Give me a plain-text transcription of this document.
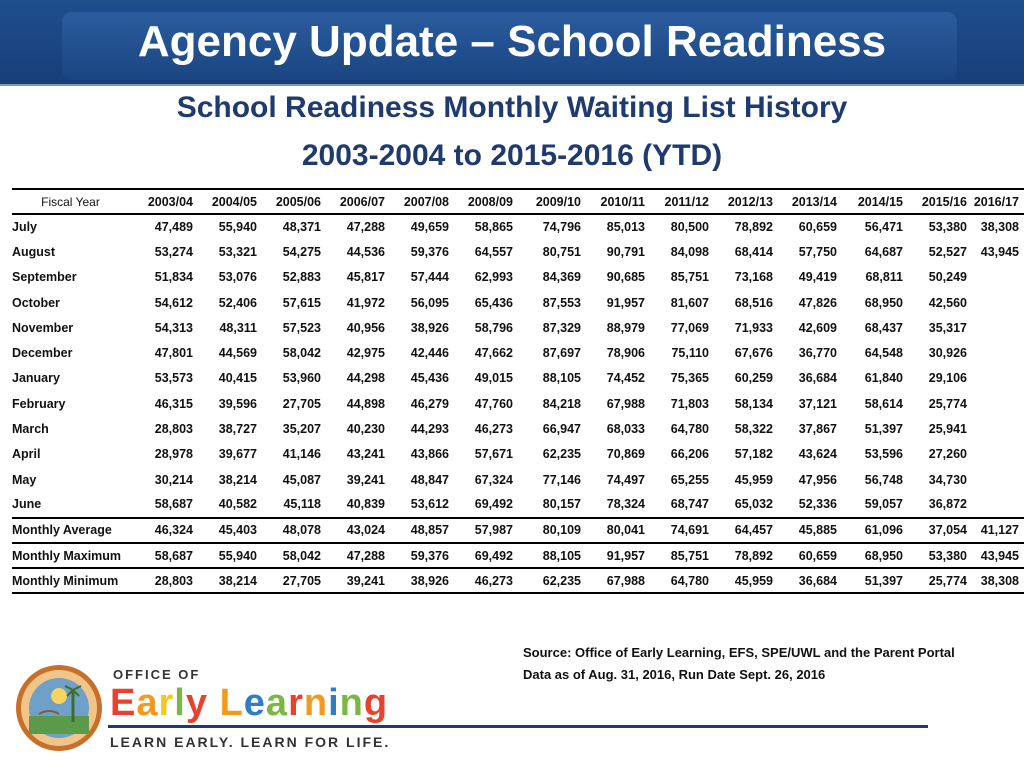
Agency Update – School Readiness
School Readiness Monthly Waiting List History
2003-2004 to 2015-2016 (YTD)
Fiscal Year	2003/04	2004/05	2005/06	2006/07	2007/08	2008/09	2009/10	2010/11	2011/12	2012/13	2013/14	2014/15	2015/16	2016/17
July	47,489	55,940	48,371	47,288	49,659	58,865	74,796	85,013	80,500	78,892	60,659	56,471	53,380	38,308
August	53,274	53,321	54,275	44,536	59,376	64,557	80,751	90,791	84,098	68,414	57,750	64,687	52,527	43,945
September	51,834	53,076	52,883	45,817	57,444	62,993	84,369	90,685	85,751	73,168	49,419	68,811	50,249	
October	54,612	52,406	57,615	41,972	56,095	65,436	87,553	91,957	81,607	68,516	47,826	68,950	42,560	
November	54,313	48,311	57,523	40,956	38,926	58,796	87,329	88,979	77,069	71,933	42,609	68,437	35,317	
December	47,801	44,569	58,042	42,975	42,446	47,662	87,697	78,906	75,110	67,676	36,770	64,548	30,926	
January	53,573	40,415	53,960	44,298	45,436	49,015	88,105	74,452	75,365	60,259	36,684	61,840	29,106	
February	46,315	39,596	27,705	44,898	46,279	47,760	84,218	67,988	71,803	58,134	37,121	58,614	25,774	
March	28,803	38,727	35,207	40,230	44,293	46,273	66,947	68,033	64,780	58,322	37,867	51,397	25,941	
April	28,978	39,677	41,146	43,241	43,866	57,671	62,235	70,869	66,206	57,182	43,624	53,596	27,260	
May	30,214	38,214	45,087	39,241	48,847	67,324	77,146	74,497	65,255	45,959	47,956	56,748	34,730	
June	58,687	40,582	45,118	40,839	53,612	69,492	80,157	78,324	68,747	65,032	52,336	59,057	36,872	
Monthly Average	46,324	45,403	48,078	43,024	48,857	57,987	80,109	80,041	74,691	64,457	45,885	61,096	37,054	41,127
Monthly Maximum	58,687	55,940	58,042	47,288	59,376	69,492	88,105	91,957	85,751	78,892	60,659	68,950	53,380	43,945
Monthly Minimum	28,803	38,214	27,705	39,241	38,926	46,273	62,235	67,988	64,780	45,959	36,684	51,397	25,774	38,308
Source: Office of Early Learning, EFS, SPE/UWL and the Parent Portal
Data as of Aug. 31, 2016, Run Date Sept. 26, 2016
OFFICE OF
Early Learning
LEARN EARLY. LEARN FOR LIFE.
